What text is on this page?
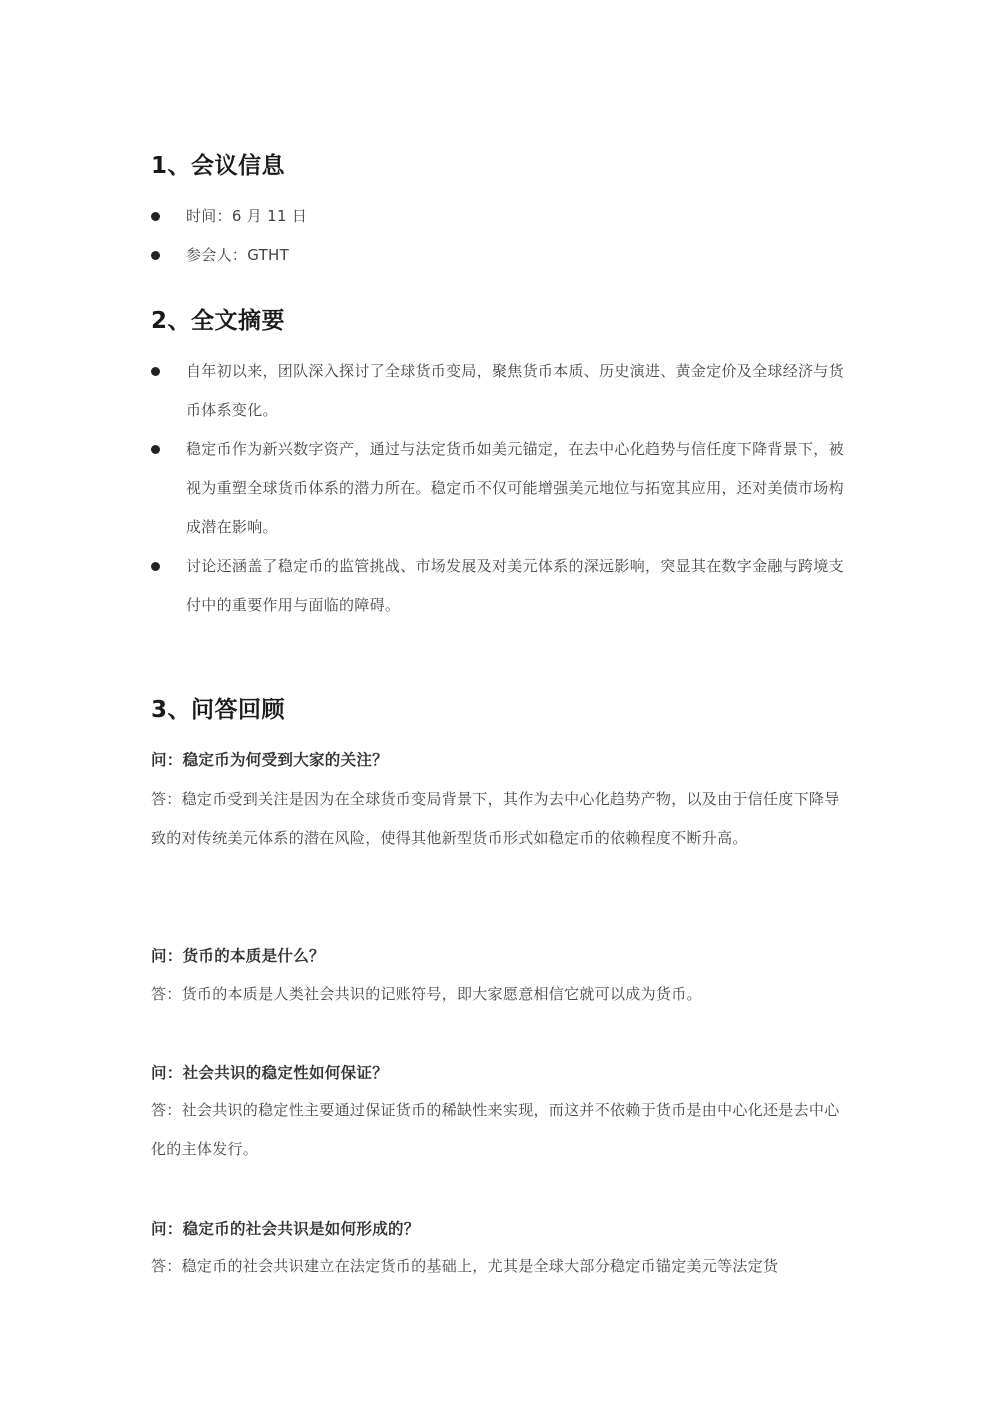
1、会议信息
时间：6 月 11 日
参会人：GTHT
2、全文摘要
自年初以来，团队深入探讨了全球货币变局，聚焦货币本质、历史演进、黄金定价及全球经济与货币体系变化。
稳定币作为新兴数字资产，通过与法定货币如美元锚定，在去中心化趋势与信任度下降背景下，被视为重塑全球货币体系的潜力所在。稳定币不仅可能增强美元地位与拓宽其应用，还对美债市场构成潜在影响。
讨论还涵盖了稳定币的监管挑战、市场发展及对美元体系的深远影响，突显其在数字金融与跨境支付中的重要作用与面临的障碍。
3、问答回顾
问：稳定币为何受到大家的关注？
答：稳定币受到关注是因为在全球货币变局背景下，其作为去中心化趋势产物，以及由于信任度下降导致的对传统美元体系的潜在风险，使得其他新型货币形式如稳定币的依赖程度不断升高。
问：货币的本质是什么？
答：货币的本质是人类社会共识的记账符号，即大家愿意相信它就可以成为货币。
问：社会共识的稳定性如何保证？
答：社会共识的稳定性主要通过保证货币的稀缺性来实现，而这并不依赖于货币是由中心化还是去中心化的主体发行。
问：稳定币的社会共识是如何形成的？
答：稳定币的社会共识建立在法定货币的基础上，尤其是全球大部分稳定币锚定美元等法定货
